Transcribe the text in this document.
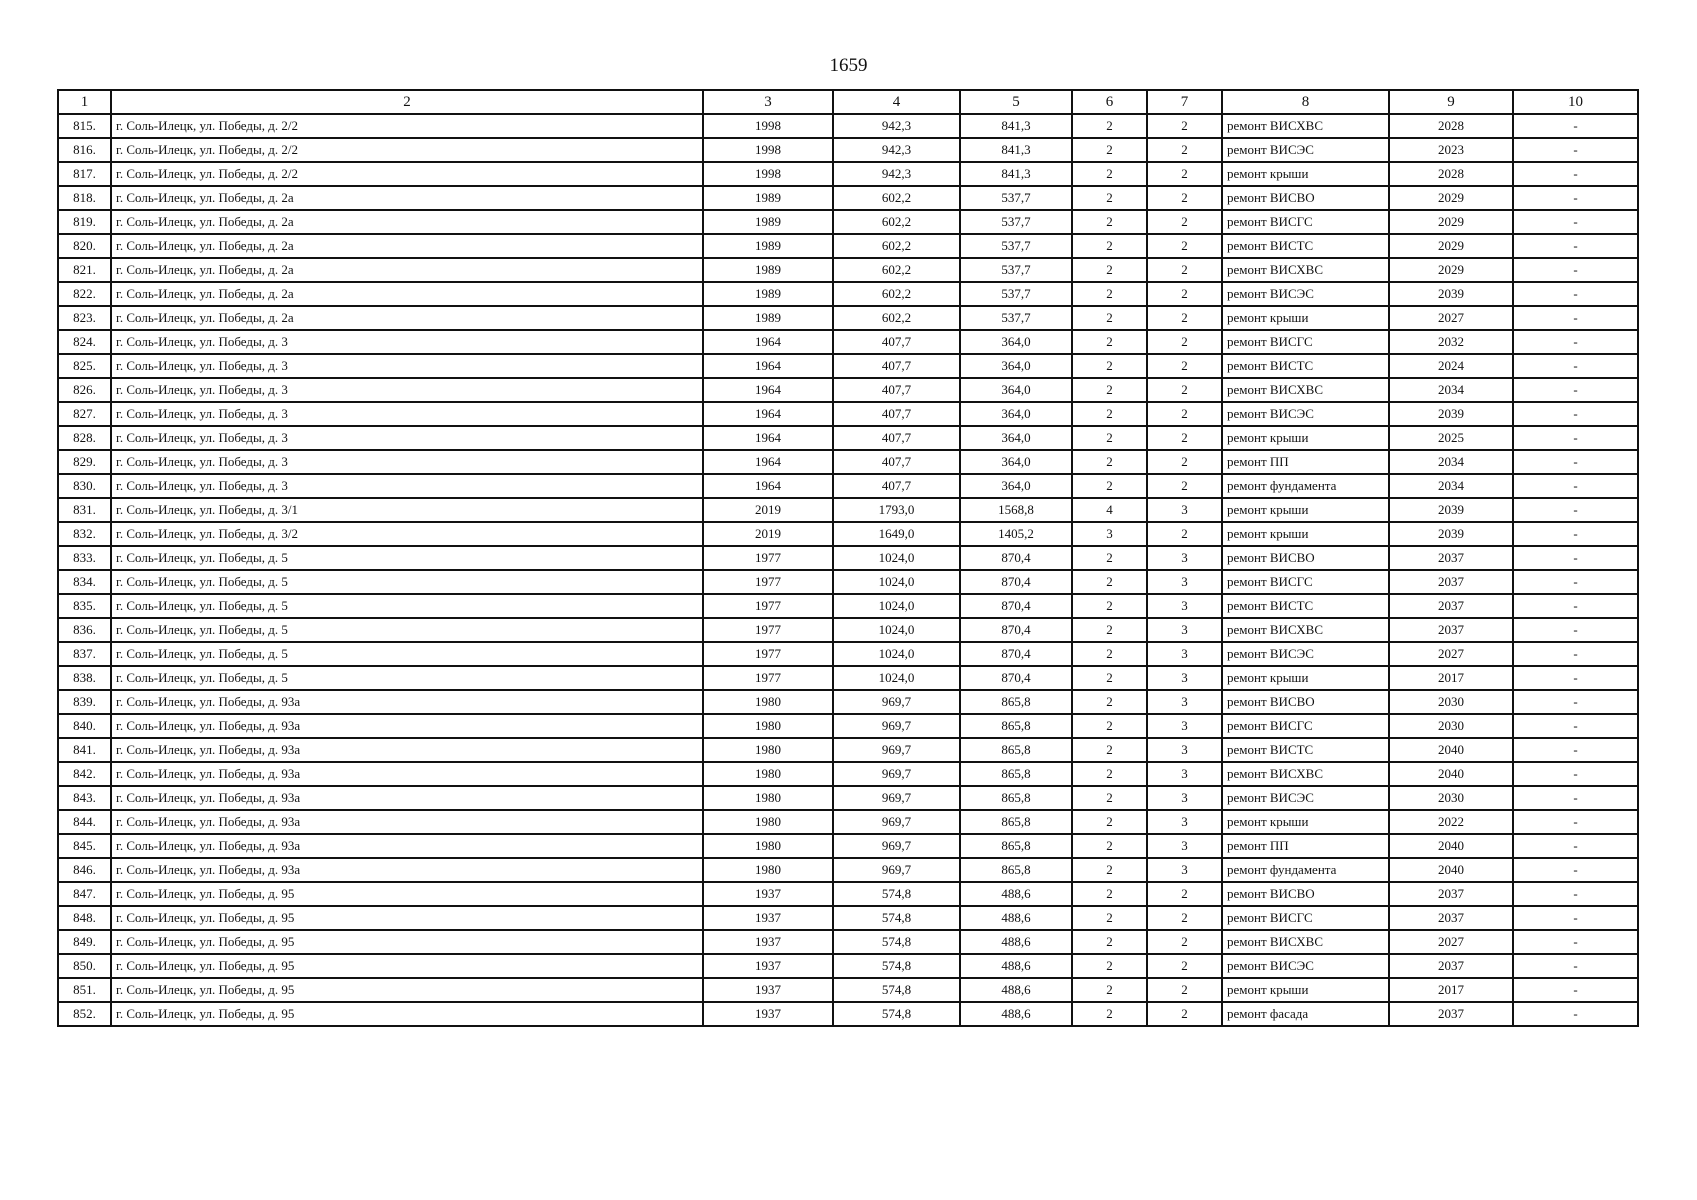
1659
1	2	3	4	5	6	7	8	9	10
815.	г. Соль-Илецк, ул. Победы, д. 2/2	1998	942,3	841,3	2	2	ремонт ВИСХВС	2028	-
816.	г. Соль-Илецк, ул. Победы, д. 2/2	1998	942,3	841,3	2	2	ремонт ВИСЭС	2023	-
817.	г. Соль-Илецк, ул. Победы, д. 2/2	1998	942,3	841,3	2	2	ремонт крыши	2028	-
818.	г. Соль-Илецк, ул. Победы, д. 2а	1989	602,2	537,7	2	2	ремонт ВИСВО	2029	-
819.	г. Соль-Илецк, ул. Победы, д. 2а	1989	602,2	537,7	2	2	ремонт ВИСГС	2029	-
820.	г. Соль-Илецк, ул. Победы, д. 2а	1989	602,2	537,7	2	2	ремонт ВИСТС	2029	-
821.	г. Соль-Илецк, ул. Победы, д. 2а	1989	602,2	537,7	2	2	ремонт ВИСХВС	2029	-
822.	г. Соль-Илецк, ул. Победы, д. 2а	1989	602,2	537,7	2	2	ремонт ВИСЭС	2039	-
823.	г. Соль-Илецк, ул. Победы, д. 2а	1989	602,2	537,7	2	2	ремонт крыши	2027	-
824.	г. Соль-Илецк, ул. Победы, д. 3	1964	407,7	364,0	2	2	ремонт ВИСГС	2032	-
825.	г. Соль-Илецк, ул. Победы, д. 3	1964	407,7	364,0	2	2	ремонт ВИСТС	2024	-
826.	г. Соль-Илецк, ул. Победы, д. 3	1964	407,7	364,0	2	2	ремонт ВИСХВС	2034	-
827.	г. Соль-Илецк, ул. Победы, д. 3	1964	407,7	364,0	2	2	ремонт ВИСЭС	2039	-
828.	г. Соль-Илецк, ул. Победы, д. 3	1964	407,7	364,0	2	2	ремонт крыши	2025	-
829.	г. Соль-Илецк, ул. Победы, д. 3	1964	407,7	364,0	2	2	ремонт ПП	2034	-
830.	г. Соль-Илецк, ул. Победы, д. 3	1964	407,7	364,0	2	2	ремонт фундамента	2034	-
831.	г. Соль-Илецк, ул. Победы, д. 3/1	2019	1793,0	1568,8	4	3	ремонт крыши	2039	-
832.	г. Соль-Илецк, ул. Победы, д. 3/2	2019	1649,0	1405,2	3	2	ремонт крыши	2039	-
833.	г. Соль-Илецк, ул. Победы, д. 5	1977	1024,0	870,4	2	3	ремонт ВИСВО	2037	-
834.	г. Соль-Илецк, ул. Победы, д. 5	1977	1024,0	870,4	2	3	ремонт ВИСГС	2037	-
835.	г. Соль-Илецк, ул. Победы, д. 5	1977	1024,0	870,4	2	3	ремонт ВИСТС	2037	-
836.	г. Соль-Илецк, ул. Победы, д. 5	1977	1024,0	870,4	2	3	ремонт ВИСХВС	2037	-
837.	г. Соль-Илецк, ул. Победы, д. 5	1977	1024,0	870,4	2	3	ремонт ВИСЭС	2027	-
838.	г. Соль-Илецк, ул. Победы, д. 5	1977	1024,0	870,4	2	3	ремонт крыши	2017	-
839.	г. Соль-Илецк, ул. Победы, д. 93а	1980	969,7	865,8	2	3	ремонт ВИСВО	2030	-
840.	г. Соль-Илецк, ул. Победы, д. 93а	1980	969,7	865,8	2	3	ремонт ВИСГС	2030	-
841.	г. Соль-Илецк, ул. Победы, д. 93а	1980	969,7	865,8	2	3	ремонт ВИСТС	2040	-
842.	г. Соль-Илецк, ул. Победы, д. 93а	1980	969,7	865,8	2	3	ремонт ВИСХВС	2040	-
843.	г. Соль-Илецк, ул. Победы, д. 93а	1980	969,7	865,8	2	3	ремонт ВИСЭС	2030	-
844.	г. Соль-Илецк, ул. Победы, д. 93а	1980	969,7	865,8	2	3	ремонт крыши	2022	-
845.	г. Соль-Илецк, ул. Победы, д. 93а	1980	969,7	865,8	2	3	ремонт ПП	2040	-
846.	г. Соль-Илецк, ул. Победы, д. 93а	1980	969,7	865,8	2	3	ремонт фундамента	2040	-
847.	г. Соль-Илецк, ул. Победы, д. 95	1937	574,8	488,6	2	2	ремонт ВИСВО	2037	-
848.	г. Соль-Илецк, ул. Победы, д. 95	1937	574,8	488,6	2	2	ремонт ВИСГС	2037	-
849.	г. Соль-Илецк, ул. Победы, д. 95	1937	574,8	488,6	2	2	ремонт ВИСХВС	2027	-
850.	г. Соль-Илецк, ул. Победы, д. 95	1937	574,8	488,6	2	2	ремонт ВИСЭС	2037	-
851.	г. Соль-Илецк, ул. Победы, д. 95	1937	574,8	488,6	2	2	ремонт крыши	2017	-
852.	г. Соль-Илецк, ул. Победы, д. 95	1937	574,8	488,6	2	2	ремонт фасада	2037	-
